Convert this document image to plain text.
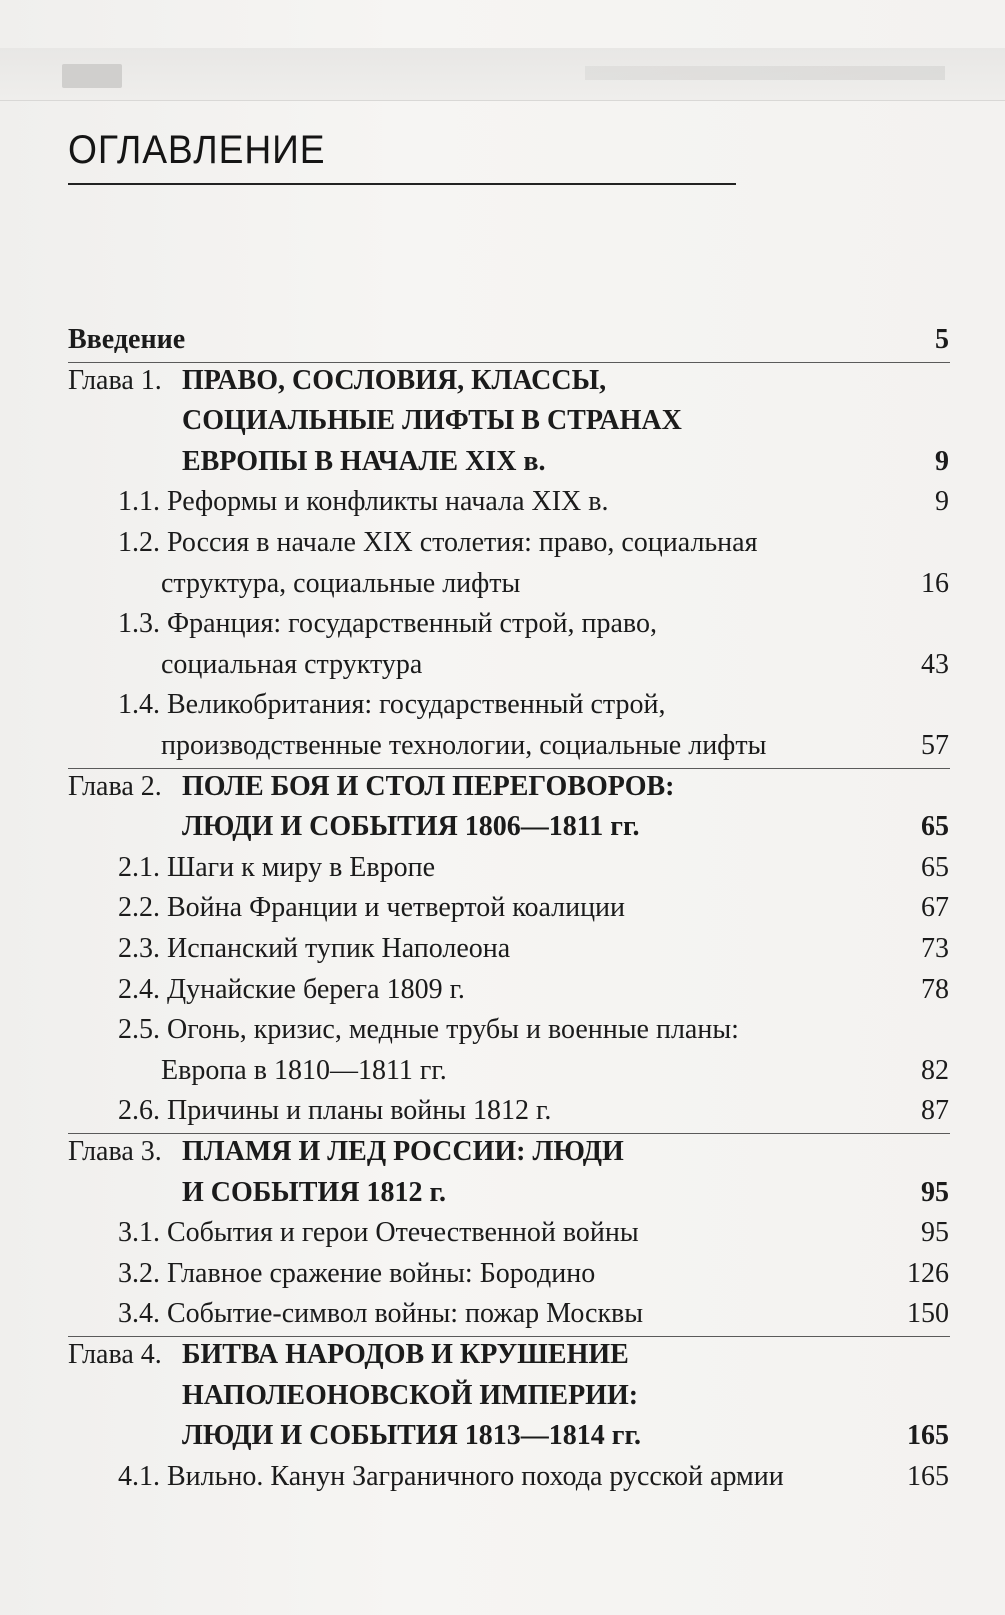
ОГЛАВЛЕНИЕ
Введение	5
Глава 1. ПРАВО, СОСЛОВИЯ, КЛАССЫ,
СОЦИАЛЬНЫЕ ЛИФТЫ В СТРАНАХ
ЕВРОПЫ В НАЧАЛЕ XIX в.	9
1.1. Реформы и конфликты начала XIX в.	9
1.2. Россия в начале XIX столетия: право, социальная
структура, социальные лифты	16
1.3. Франция: государственный строй, право,
социальная структура	43
1.4. Великобритания: государственный строй,
производственные технологии, социальные лифты	57
Глава 2. ПОЛЕ БОЯ И СТОЛ ПЕРЕГОВОРОВ:
ЛЮДИ И СОБЫТИЯ 1806—1811 гг.	65
2.1. Шаги к миру в Европе	65
2.2. Война Франции и четвертой коалиции	67
2.3. Испанский тупик Наполеона	73
2.4. Дунайские берега 1809 г.	78
2.5. Огонь, кризис, медные трубы и военные планы:
Европа в 1810—1811 гг.	82
2.6. Причины и планы войны 1812 г.	87
Глава 3. ПЛАМЯ И ЛЕД РОССИИ: ЛЮДИ
И СОБЫТИЯ 1812 г.	95
3.1. События и герои Отечественной войны	95
3.2. Главное сражение войны: Бородино	126
3.4. Событие-символ войны: пожар Москвы	150
Глава 4. БИТВА НАРОДОВ И КРУШЕНИЕ
НАПОЛЕОНОВСКОЙ ИМПЕРИИ:
ЛЮДИ И СОБЫТИЯ 1813—1814 гг.	165
4.1. Вильно. Канун Заграничного похода русской армии	165
